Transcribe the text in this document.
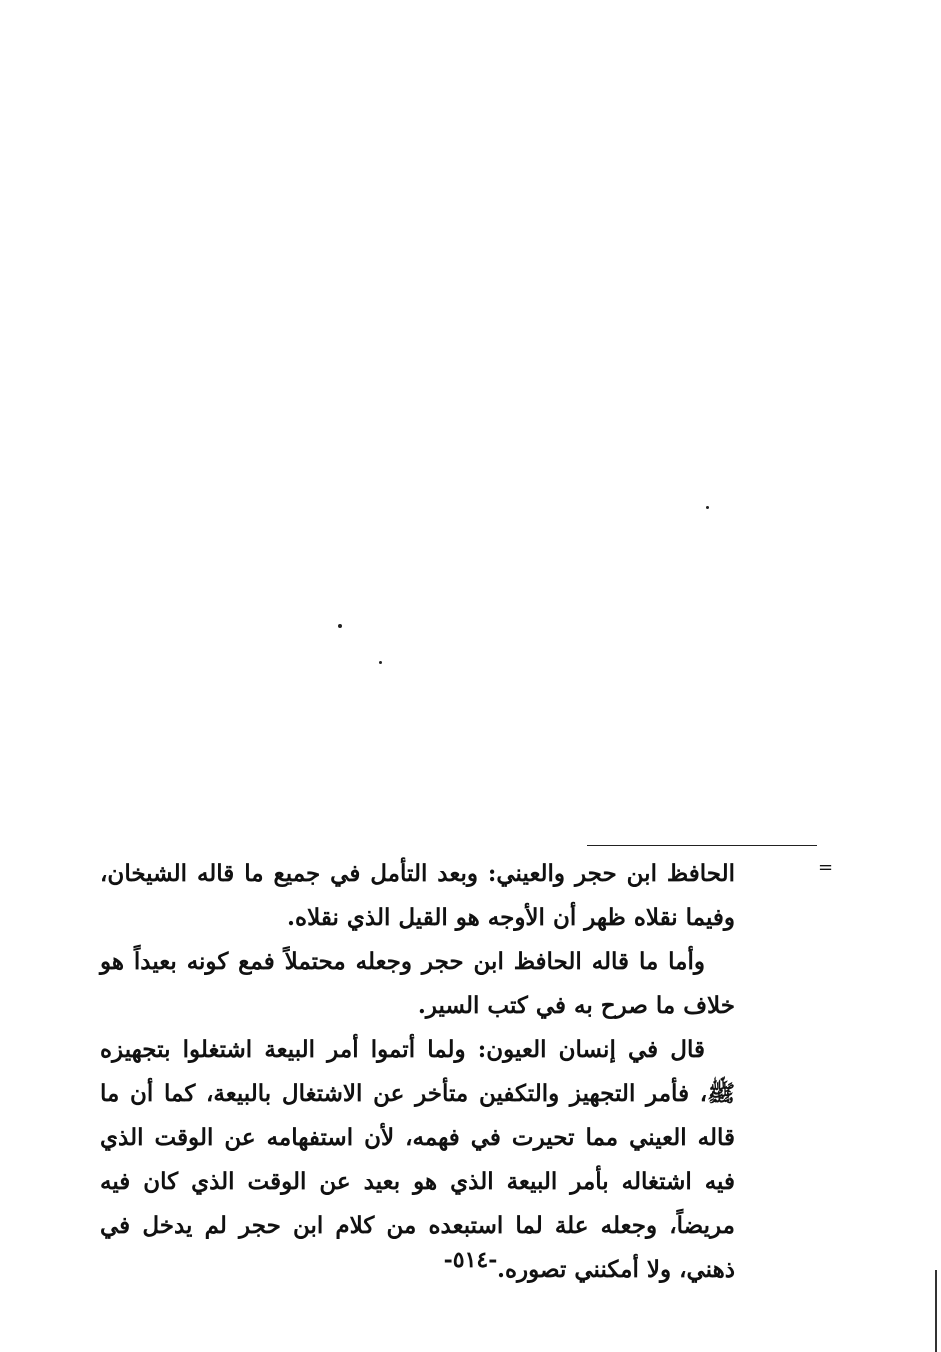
=

الحافظ ابن حجر والعيني: وبعد التأمل في جميع ما قاله الشيخان، وفيما نقلاه ظهر أن الأوجه هو القيل الذي نقلاه.

وأما ما قاله الحافظ ابن حجر وجعله محتملاً فمع كونه بعيداً هو خلاف ما صرح به في كتب السير.

قال في إنسان العيون: ولما أتموا أمر البيعة اشتغلوا بتجهيزه ﷺ، فأمر التجهيز والتكفين متأخر عن الاشتغال بالبيعة، كما أن ما قاله العيني مما تحيرت في فهمه، لأن استفهامه عن الوقت الذي فيه اشتغاله بأمر البيعة الذي هو بعيد عن الوقت الذي كان فيه مريضاً، وجعله علة لما استبعده من كلام ابن حجر لم يدخل في ذهني، ولا أمكنني تصوره.

-٥١٤-
